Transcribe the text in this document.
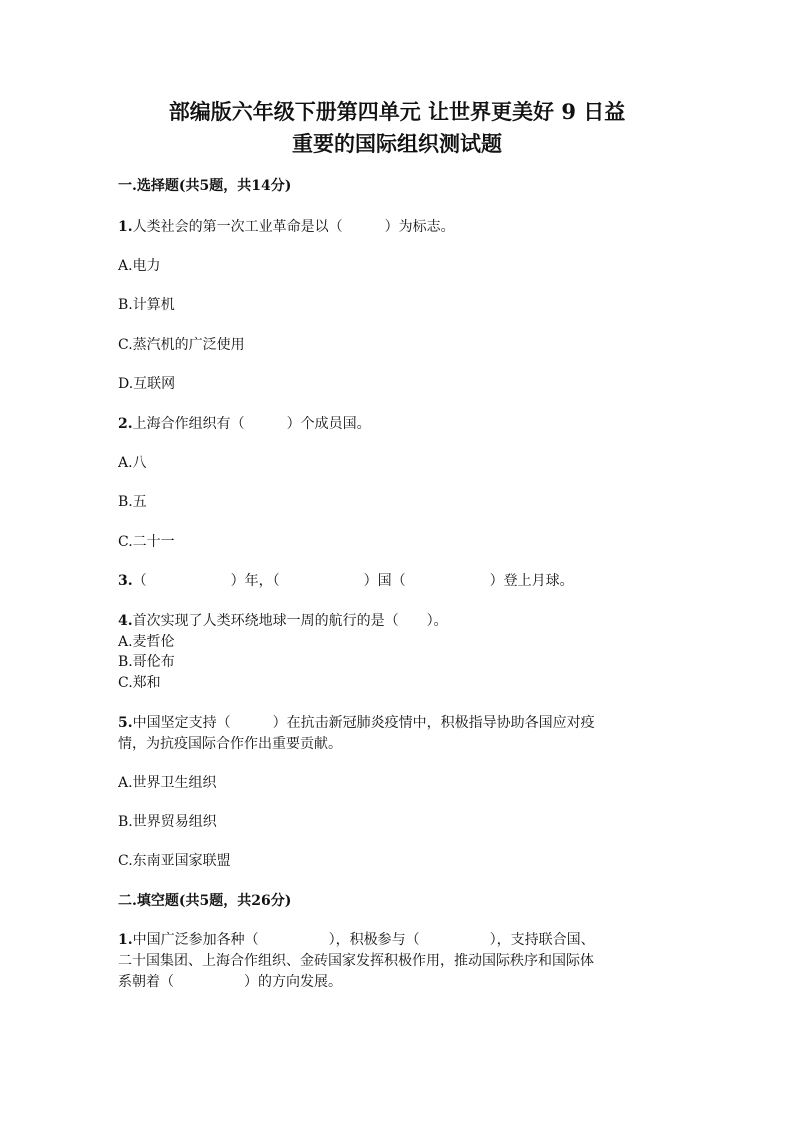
部编版六年级下册第四单元 让世界更美好 9 日益
重要的国际组织测试题
一.选择题(共5题，共14分)
1.人类社会的第一次工业革命是以（　　　）为标志。
A.电力
B.计算机
C.蒸汽机的广泛使用
D.互联网
2.上海合作组织有（　　　）个成员国。
A.八
B.五
C.二十一
3.（　　　　　　）年，（　　　　　　）国（　　　　　　）登上月球。
4.首次实现了人类环绕地球一周的航行的是（　　）。
A.麦哲伦
B.哥伦布
C.郑和
5.中国坚定支持（　　　）在抗击新冠肺炎疫情中，积极指导协助各国应对疫
情，为抗疫国际合作作出重要贡献。
A.世界卫生组织
B.世界贸易组织
C.东南亚国家联盟
二.填空题(共5题，共26分)
1.中国广泛参加各种（　　　　　），积极参与（　　　　　），支持联合国、
二十国集团、上海合作组织、金砖国家发挥积极作用，推动国际秩序和国际体
系朝着（　　　　　）的方向发展。
